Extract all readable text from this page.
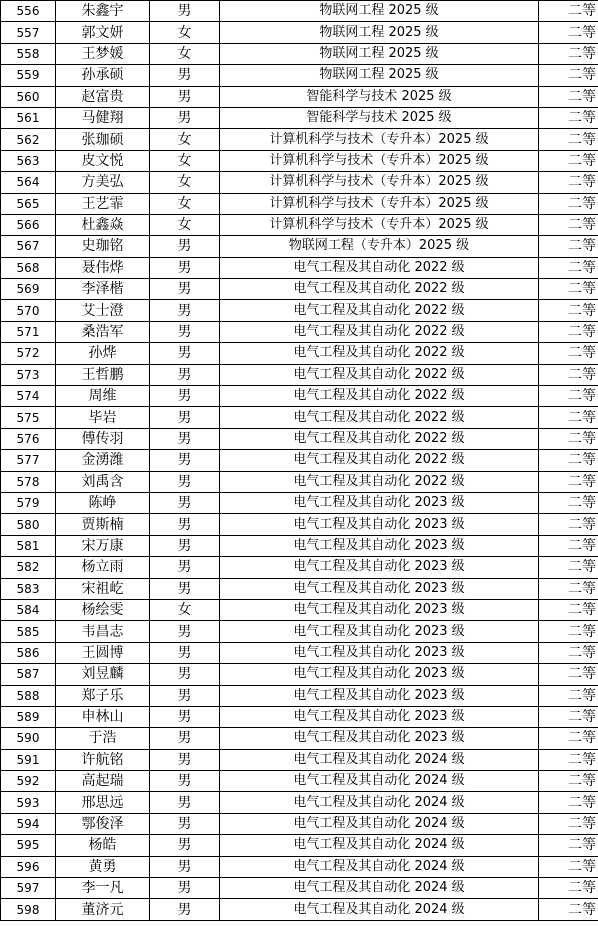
556	朱鑫宇	男	物联网工程 2025 级	二等
557	郭文妍	女	物联网工程 2025 级	二等
558	王梦媛	女	物联网工程 2025 级	二等
559	孙承硕	男	物联网工程 2025 级	二等
560	赵富贵	男	智能科学与技术 2025 级	二等
561	马健翔	男	智能科学与技术 2025 级	二等
562	张珈硕	女	计算机科学与技术（专升本）2025 级	二等
563	皮文悦	女	计算机科学与技术（专升本）2025 级	二等
564	方美弘	女	计算机科学与技术（专升本）2025 级	二等
565	王艺霏	女	计算机科学与技术（专升本）2025 级	二等
566	杜鑫焱	女	计算机科学与技术（专升本）2025 级	二等
567	史珈铭	男	物联网工程（专升本）2025 级	二等
568	聂伟烨	男	电气工程及其自动化 2022 级	二等
569	李泽楷	男	电气工程及其自动化 2022 级	二等
570	艾士澄	男	电气工程及其自动化 2022 级	二等
571	桑浩军	男	电气工程及其自动化 2022 级	二等
572	孙烨	男	电气工程及其自动化 2022 级	二等
573	王哲鹏	男	电气工程及其自动化 2022 级	二等
574	周维	男	电气工程及其自动化 2022 级	二等
575	毕岩	男	电气工程及其自动化 2022 级	二等
576	傅传羽	男	电气工程及其自动化 2022 级	二等
577	金湧潍	男	电气工程及其自动化 2022 级	二等
578	刘禹含	男	电气工程及其自动化 2022 级	二等
579	陈峥	男	电气工程及其自动化 2023 级	二等
580	贾斯楠	男	电气工程及其自动化 2023 级	二等
581	宋万康	男	电气工程及其自动化 2023 级	二等
582	杨立雨	男	电气工程及其自动化 2023 级	二等
583	宋祖屹	男	电气工程及其自动化 2023 级	二等
584	杨绘雯	女	电气工程及其自动化 2023 级	二等
585	韦昌志	男	电气工程及其自动化 2023 级	二等
586	王圆博	男	电气工程及其自动化 2023 级	二等
587	刘昱麟	男	电气工程及其自动化 2023 级	二等
588	郑子乐	男	电气工程及其自动化 2023 级	二等
589	申林山	男	电气工程及其自动化 2023 级	二等
590	于浩	男	电气工程及其自动化 2023 级	二等
591	许航铭	男	电气工程及其自动化 2024 级	二等
592	高起瑞	男	电气工程及其自动化 2024 级	二等
593	邢思远	男	电气工程及其自动化 2024 级	二等
594	鄂俊泽	男	电气工程及其自动化 2024 级	二等
595	杨皓	男	电气工程及其自动化 2024 级	二等
596	黄勇	男	电气工程及其自动化 2024 级	二等
597	李一凡	男	电气工程及其自动化 2024 级	二等
598	董济元	男	电气工程及其自动化 2024 级	二等
